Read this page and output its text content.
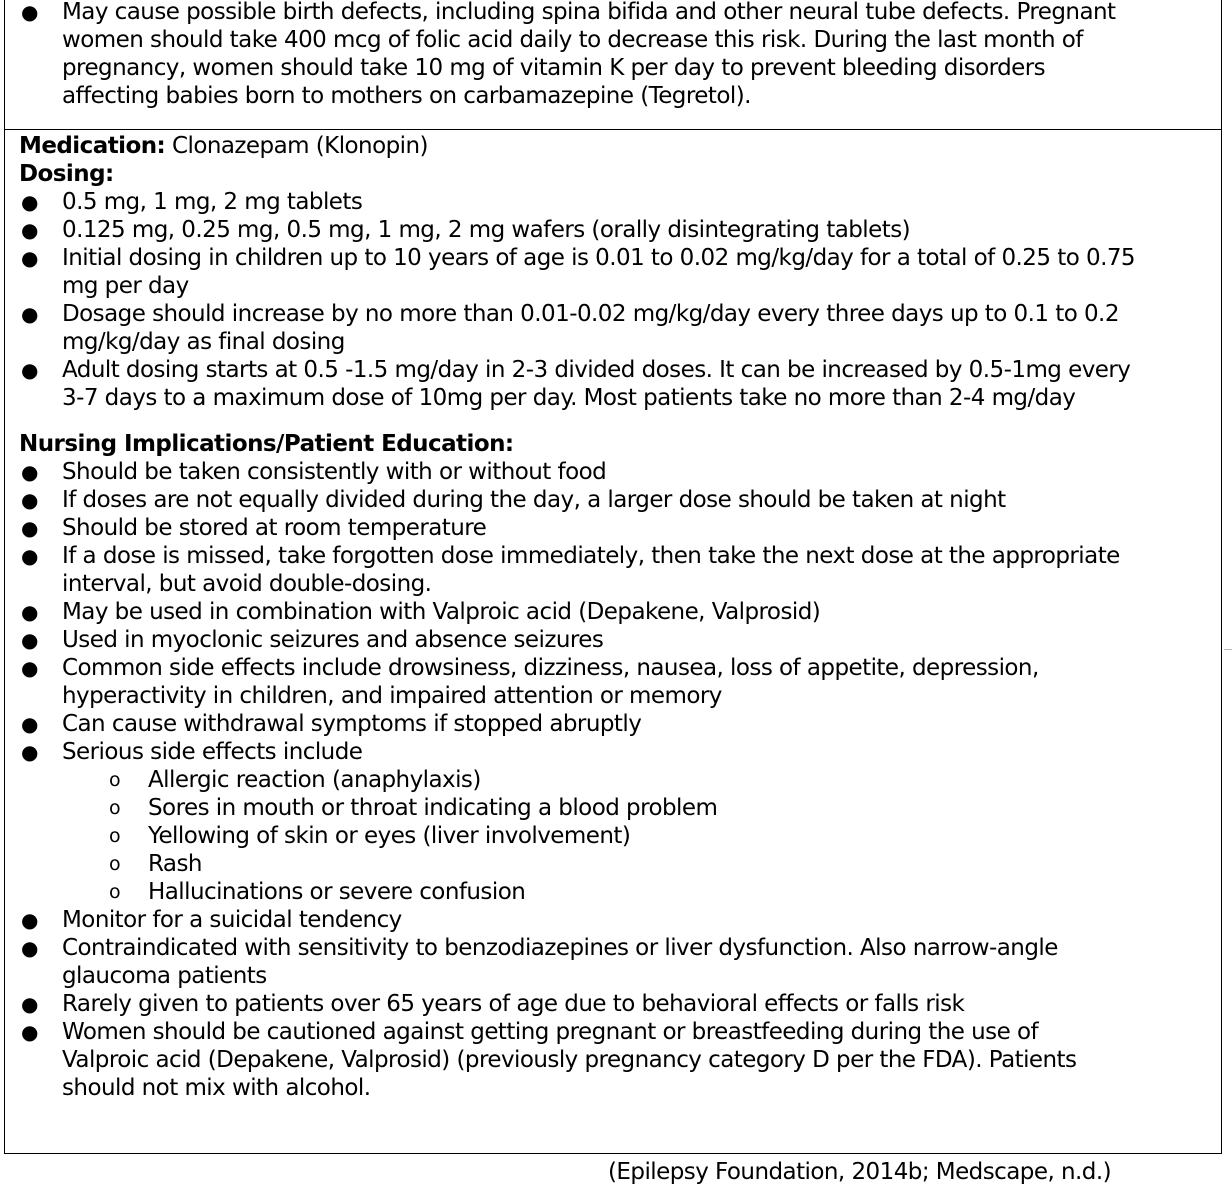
● May cause possible birth defects, including spina bifida and other neural tube defects. Pregnant
women should take 400 mcg of folic acid daily to decrease this risk. During the last month of
pregnancy, women should take 10 mg of vitamin K per day to prevent bleeding disorders
affecting babies born to mothers on carbamazepine (Tegretol).
Medication: Clonazepam (Klonopin)
Dosing:
● 0.5 mg, 1 mg, 2 mg tablets
● 0.125 mg, 0.25 mg, 0.5 mg, 1 mg, 2 mg wafers (orally disintegrating tablets)
● Initial dosing in children up to 10 years of age is 0.01 to 0.02 mg/kg/day for a total of 0.25 to 0.75
mg per day
● Dosage should increase by no more than 0.01-0.02 mg/kg/day every three days up to 0.1 to 0.2
mg/kg/day as final dosing
● Adult dosing starts at 0.5 -1.5 mg/day in 2-3 divided doses. It can be increased by 0.5-1mg every
3-7 days to a maximum dose of 10mg per day. Most patients take no more than 2-4 mg/day
Nursing Implications/Patient Education:
● Should be taken consistently with or without food
● If doses are not equally divided during the day, a larger dose should be taken at night
● Should be stored at room temperature
● If a dose is missed, take forgotten dose immediately, then take the next dose at the appropriate
interval, but avoid double-dosing.
● May be used in combination with Valproic acid (Depakene, Valprosid)
● Used in myoclonic seizures and absence seizures
● Common side effects include drowsiness, dizziness, nausea, loss of appetite, depression,
hyperactivity in children, and impaired attention or memory
● Can cause withdrawal symptoms if stopped abruptly
● Serious side effects include
o Allergic reaction (anaphylaxis)
o Sores in mouth or throat indicating a blood problem
o Yellowing of skin or eyes (liver involvement)
o Rash
o Hallucinations or severe confusion
● Monitor for a suicidal tendency
● Contraindicated with sensitivity to benzodiazepines or liver dysfunction. Also narrow-angle
glaucoma patients
● Rarely given to patients over 65 years of age due to behavioral effects or falls risk
● Women should be cautioned against getting pregnant or breastfeeding during the use of
Valproic acid (Depakene, Valprosid) (previously pregnancy category D per the FDA). Patients
should not mix with alcohol.
(Epilepsy Foundation, 2014b; Medscape, n.d.)
